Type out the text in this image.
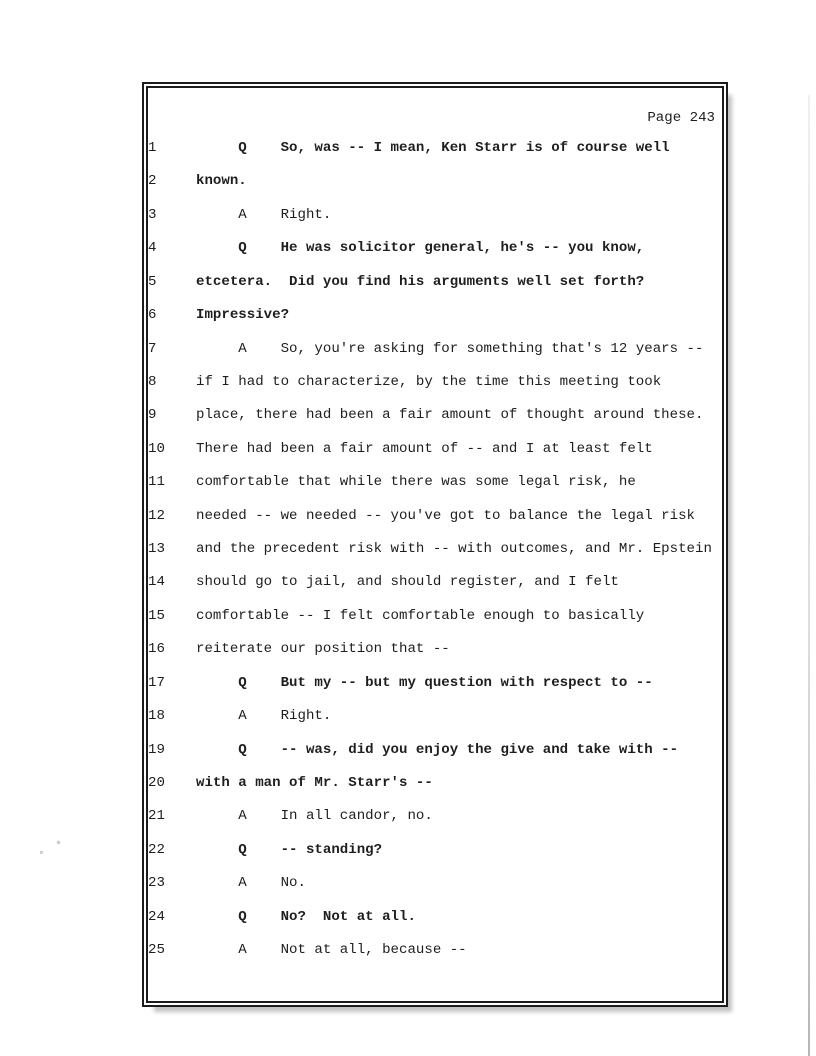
Page 243
1	Q    So, was -- I mean, Ken Starr is of course well
2	known.
3	A    Right.
4	Q    He was solicitor general, he's -- you know,
5	etcetera.  Did you find his arguments well set forth?
6	Impressive?
7	A    So, you're asking for something that's 12 years --
8	if I had to characterize, by the time this meeting took
9	place, there had been a fair amount of thought around these.
10 There had been a fair amount of -- and I at least felt
11 comfortable that while there was some legal risk, he
12 needed -- we needed -- you've got to balance the legal risk
13 and the precedent risk with -- with outcomes, and Mr. Epstein
14 should go to jail, and should register, and I felt
15 comfortable -- I felt comfortable enough to basically
16 reiterate our position that --
17 Q    But my -- but my question with respect to --
18 A    Right.
19 Q    -- was, did you enjoy the give and take with --
20 with a man of Mr. Starr's --
21 A    In all candor, no.
22 Q    -- standing?
23 A    No.
24 Q    No?  Not at all.
25 A    Not at all, because --
